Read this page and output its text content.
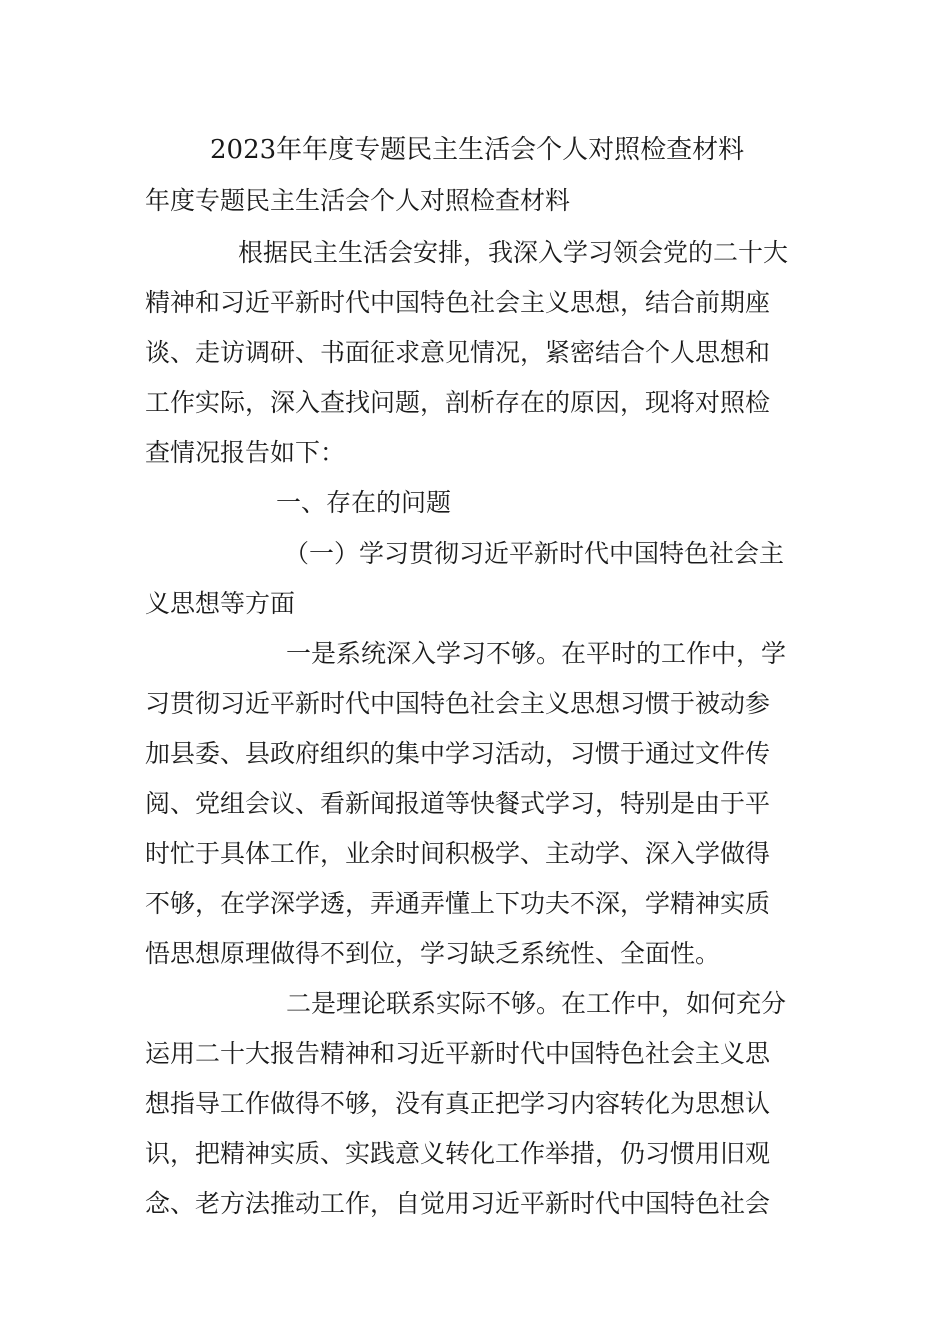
2023年年度专题民主生活会个人对照检查材料
年度专题民主生活会个人对照检查材料
根据民主生活会安排，我深入学习领会党的二十大
精神和习近平新时代中国特色社会主义思想，结合前期座
谈、走访调研、书面征求意见情况，紧密结合个人思想和
工作实际，深入查找问题，剖析存在的原因，现将对照检
查情况报告如下：
一、存在的问题
（一）学习贯彻习近平新时代中国特色社会主
义思想等方面
一是系统深入学习不够。在平时的工作中，学
习贯彻习近平新时代中国特色社会主义思想习惯于被动参
加县委、县政府组织的集中学习活动，习惯于通过文件传
阅、党组会议、看新闻报道等快餐式学习，特别是由于平
时忙于具体工作，业余时间积极学、主动学、深入学做得
不够，在学深学透，弄通弄懂上下功夫不深，学精神实质
悟思想原理做得不到位，学习缺乏系统性、全面性。
二是理论联系实际不够。在工作中，如何充分
运用二十大报告精神和习近平新时代中国特色社会主义思
想指导工作做得不够，没有真正把学习内容转化为思想认
识，把精神实质、实践意义转化工作举措，仍习惯用旧观
念、老方法推动工作，自觉用习近平新时代中国特色社会
